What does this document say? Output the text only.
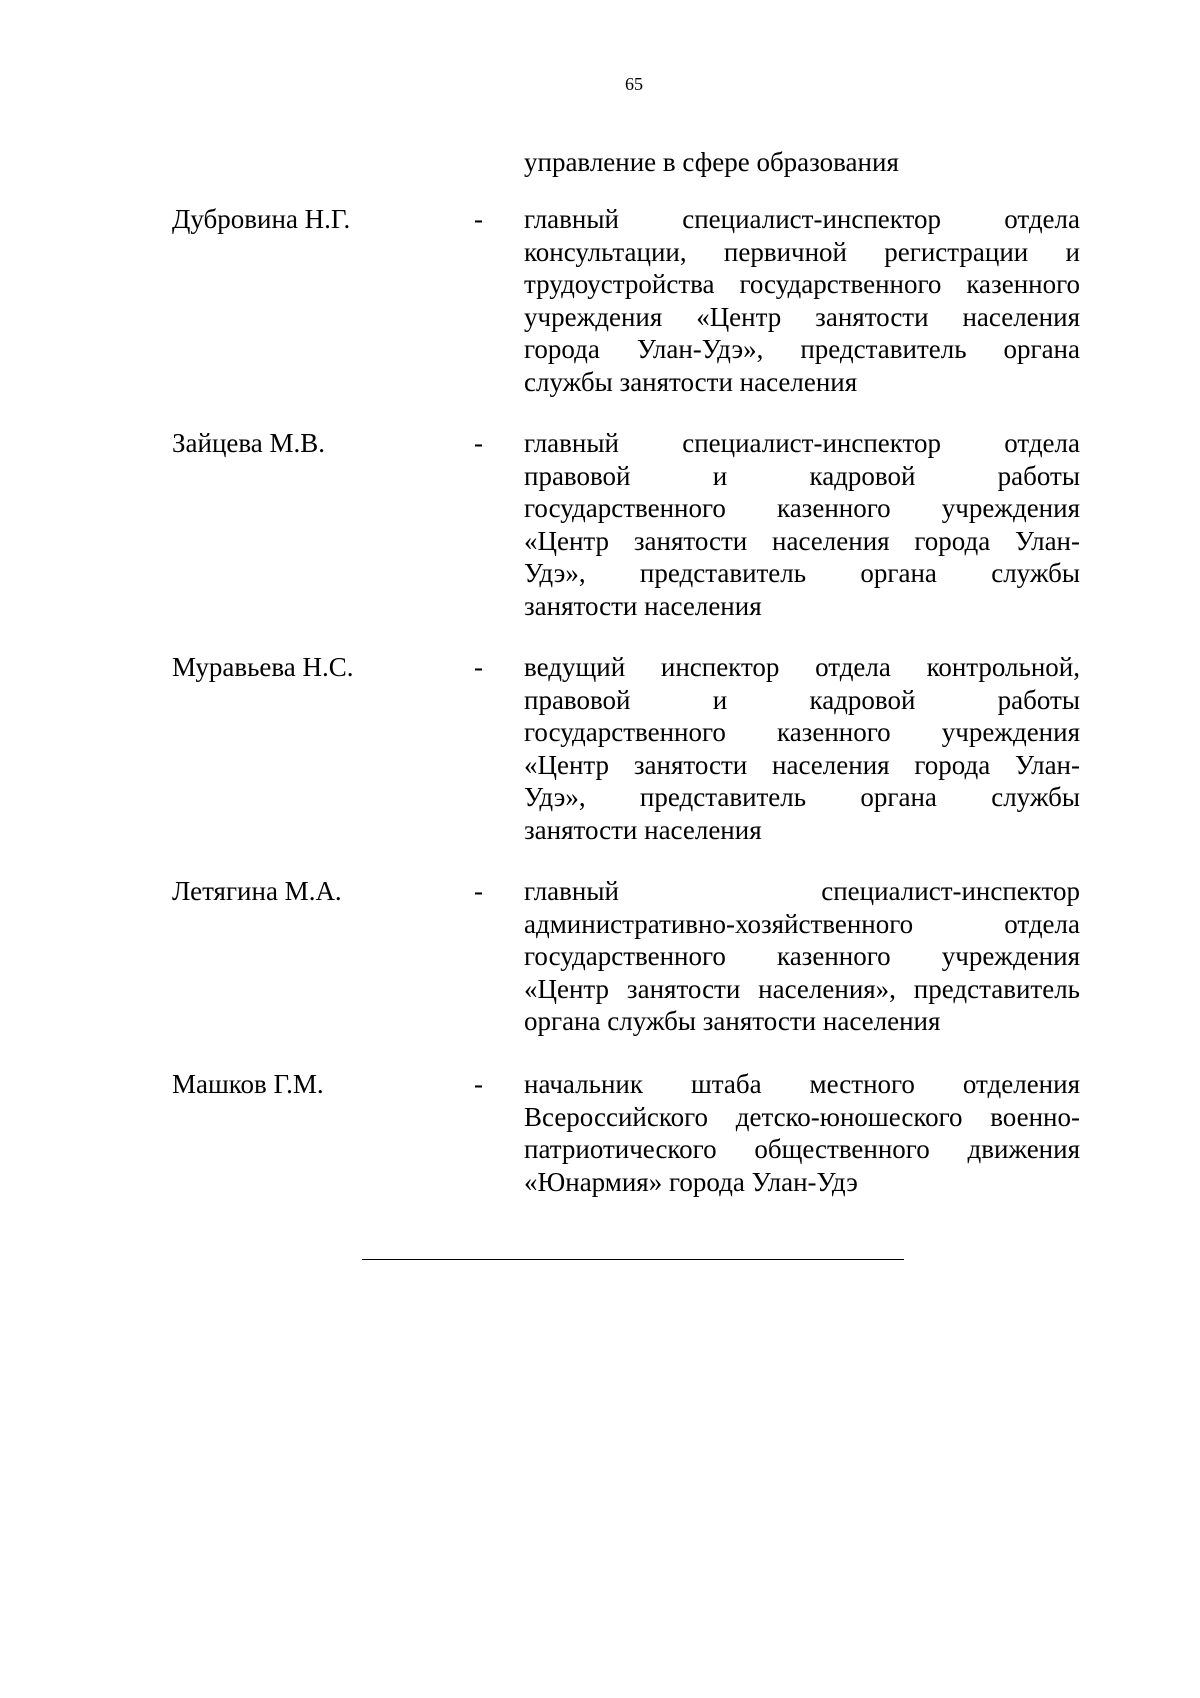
65
управление в сфере образования
Дубровина Н.Г.	- главный специалист-инспектор отдела
консультации, первичной регистрации и
трудоустройства государственного казенного
учреждения «Центр занятости населения
города Улан-Удэ», представитель органа
службы занятости населения
Зайцева М.В.	- главный специалист-инспектор отдела
правовой и кадровой работы
государственного казенного учреждения
«Центр занятости населения города Улан-
Удэ», представитель органа службы
занятости населения
Муравьева Н.С.	- ведущий инспектор отдела контрольной,
правовой и кадровой работы
государственного казенного учреждения
«Центр занятости населения города Улан-
Удэ», представитель органа службы
занятости населения
Летягина М.А.	- главный специалист-инспектор
административно-хозяйственного отдела
государственного казенного учреждения
«Центр занятости населения», представитель
органа службы занятости населения
Машков Г.М.	- начальник штаба местного отделения
Всероссийского детско-юношеского военно-
патриотического общественного движения
«Юнармия» города Улан-Удэ
